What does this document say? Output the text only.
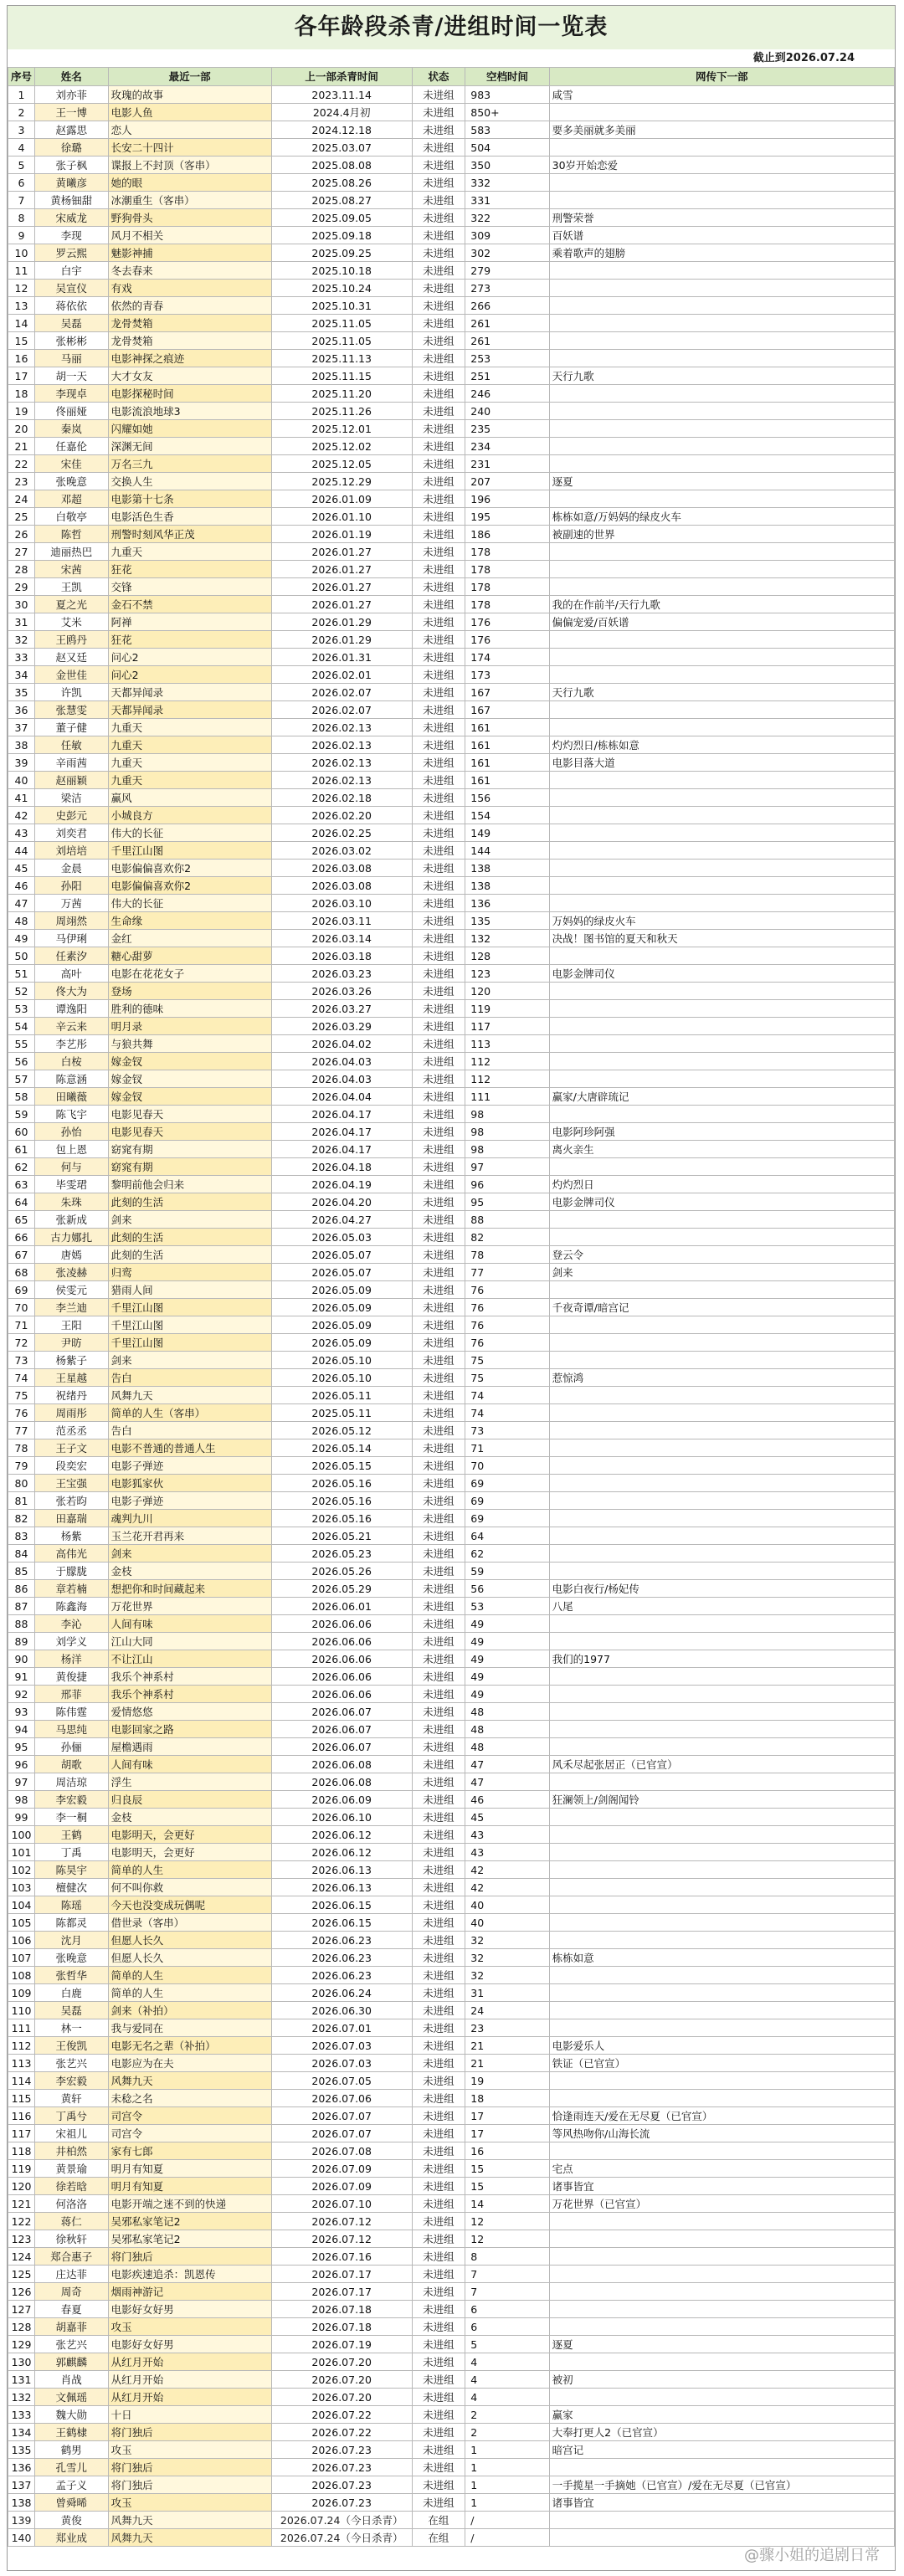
各年龄段杀青/进组时间一览表
截止到2026.07.24
序号	姓名	最近一部	上一部杀青时间	状态	空档时间	网传下一部
1	刘亦菲	玫瑰的故事	2023.11.14	未进组	983	咸雪
2	王一博	电影人鱼	2024.4月初	未进组	850+	
3	赵露思	恋人	2024.12.18	未进组	583	要多美丽就多美丽
4	徐璐	长安二十四计	2025.03.07	未进组	504	
5	张子枫	谍报上不封顶（客串）	2025.08.08	未进组	350	30岁开始恋爱
6	黄曦彦	她的眼	2025.08.26	未进组	332	
7	黄杨钿甜	冰潮重生（客串）	2025.08.27	未进组	331	
8	宋威龙	野狗骨头	2025.09.05	未进组	322	刑警荣誉
9	李现	风月不相关	2025.09.18	未进组	309	百妖谱
10	罗云熙	魅影神捕	2025.09.25	未进组	302	乘着歌声的翅膀
11	白宇	冬去春来	2025.10.18	未进组	279	
12	吴宣仪	有戏	2025.10.24	未进组	273	
13	蒋依依	依然的青春	2025.10.31	未进组	266	
14	吴磊	龙骨焚箱	2025.11.05	未进组	261	
15	张彬彬	龙骨焚箱	2025.11.05	未进组	261	
16	马丽	电影神探之痕迹	2025.11.13	未进组	253	
17	胡一天	大才女友	2025.11.15	未进组	251	天行九歌
18	李现卓	电影探秘时间	2025.11.20	未进组	246	
19	佟丽娅	电影流浪地球3	2025.11.26	未进组	240	
20	秦岚	闪耀如她	2025.12.01	未进组	235	
21	任嘉伦	深渊无间	2025.12.02	未进组	234	
22	宋佳	万名三九	2025.12.05	未进组	231	
23	张晚意	交换人生	2025.12.29	未进组	207	逐夏
24	邓超	电影第十七条	2026.01.09	未进组	196	
25	白敬亭	电影活色生香	2026.01.10	未进组	195	栋栋如意/万妈妈的绿皮火车
26	陈哲	刑警时刻风华正茂	2026.01.19	未进组	186	被副速的世界
27	迪丽热巴	九重天	2026.01.27	未进组	178	
28	宋茜	狂花	2026.01.27	未进组	178	
29	王凯	交锋	2026.01.27	未进组	178	
30	夏之光	金石不禁	2026.01.27	未进组	178	我的在作前半/天行九歌
31	艾米	阿禅	2026.01.29	未进组	176	偏偏宠爱/百妖谱
32	王鸥丹	狂花	2026.01.29	未进组	176	
33	赵又廷	问心2	2026.01.31	未进组	174	
34	金世佳	问心2	2026.02.01	未进组	173	
35	许凯	天都异闻录	2026.02.07	未进组	167	天行九歌
36	张慧雯	天都异闻录	2026.02.07	未进组	167	
37	董子健	九重天	2026.02.13	未进组	161	
38	任敏	九重天	2026.02.13	未进组	161	灼灼烈日/栋栋如意
39	辛雨茜	九重天	2026.02.13	未进组	161	电影目落大道
40	赵丽颖	九重天	2026.02.13	未进组	161	
41	梁洁	赢风	2026.02.18	未进组	156	
42	史彭元	小城良方	2026.02.20	未进组	154	
43	刘奕君	伟大的长征	2026.02.25	未进组	149	
44	刘培培	千里江山图	2026.03.02	未进组	144	
45	金晨	电影偏偏喜欢你2	2026.03.08	未进组	138	
46	孙阳	电影偏偏喜欢你2	2026.03.08	未进组	138	
47	万茜	伟大的长征	2026.03.10	未进组	136	
48	周翊然	生命缘	2026.03.11	未进组	135	万妈妈的绿皮火车
49	马伊琍	金红	2026.03.14	未进组	132	决战！图书馆的夏天和秋天
50	任素汐	糖心甜萝	2026.03.18	未进组	128	
51	高叶	电影在花花女子	2026.03.23	未进组	123	电影金牌司仪
52	佟大为	登场	2026.03.26	未进组	120	
53	谭逸阳	胜利的德味	2026.03.27	未进组	119	
54	辛云来	明月录	2026.03.29	未进组	117	
55	李艺彤	与狼共舞	2026.04.02	未进组	113	
56	白桉	嫁金钗	2026.04.03	未进组	112	
57	陈意涵	嫁金钗	2026.04.03	未进组	112	
58	田曦薇	嫁金钗	2026.04.04	未进组	111	赢家/大唐辟琉记
59	陈飞宇	电影见春天	2026.04.17	未进组	98	
60	孙怡	电影见春天	2026.04.17	未进组	98	电影阿珍阿强
61	包上恩	窈窕有期	2026.04.17	未进组	98	离火亲生
62	何与	窈窕有期	2026.04.18	未进组	97	
63	毕雯珺	黎明前他会归来	2026.04.19	未进组	96	灼灼烈日
64	朱珠	此刻的生活	2026.04.20	未进组	95	电影金牌司仪
65	张新成	剑来	2026.04.27	未进组	88	
66	古力娜扎	此刻的生活	2026.05.03	未进组	82	
67	唐嫣	此刻的生活	2026.05.07	未进组	78	登云令
68	张凌赫	归鸾	2026.05.07	未进组	77	剑来
69	侯雯元	猎雨人间	2026.05.09	未进组	76	
70	李兰迪	千里江山图	2026.05.09	未进组	76	千夜奇谭/暗宫记
71	王阳	千里江山图	2026.05.09	未进组	76	
72	尹昉	千里江山图	2026.05.09	未进组	76	
73	杨紫子	剑来	2026.05.10	未进组	75	
74	王星越	告白	2026.05.10	未进组	75	惹惊鸿
75	祝绪丹	风舞九天	2026.05.11	未进组	74	
76	周雨彤	简单的人生（客串）	2025.05.11	未进组	74	
77	范丞丞	告白	2026.05.12	未进组	73	
78	王子文	电影不普通的普通人生	2026.05.14	未进组	71	
79	段奕宏	电影子弹迹	2026.05.15	未进组	70	
80	王宝强	电影狐家伙	2026.05.16	未进组	69	
81	张若昀	电影子弹迹	2026.05.16	未进组	69	
82	田嘉瑞	魂判九川	2026.05.16	未进组	69	
83	杨紫	玉兰花开君再来	2026.05.21	未进组	64	
84	高伟光	剑来	2026.05.23	未进组	62	
85	于朦胧	金枝	2026.05.26	未进组	59	
86	章若楠	想把你和时间藏起来	2026.05.29	未进组	56	电影白夜行/杨妃传
87	陈鑫海	万花世界	2026.06.01	未进组	53	八尾
88	李沁	人间有味	2026.06.06	未进组	49	
89	刘学义	江山大同	2026.06.06	未进组	49	
90	杨洋	不让江山	2026.06.06	未进组	49	我们的1977
91	黄俊捷	我乐个神系村	2026.06.06	未进组	49	
92	邢菲	我乐个神系村	2026.06.06	未进组	49	
93	陈伟霆	爱情悠悠	2026.06.07	未进组	48	
94	马思纯	电影回家之路	2026.06.07	未进组	48	
95	孙俪	屋檐遇雨	2026.06.07	未进组	48	
96	胡歌	人间有味	2026.06.08	未进组	47	风禾尽起张居正（已官宣）
97	周洁琼	浮生	2026.06.08	未进组	47	
98	李宏毅	归良辰	2026.06.09	未进组	46	狂澜领上/剑阁闻铃
99	李一桐	金枝	2026.06.10	未进组	45	
100	王鹤	电影明天，会更好	2026.06.12	未进组	43	
101	丁禹	电影明天，会更好	2026.06.12	未进组	43	
102	陈昊宇	简单的人生	2026.06.13	未进组	42	
103	檀健次	何不叫你救	2026.06.13	未进组	42	
104	陈瑶	今天也没变成玩偶呢	2026.06.15	未进组	40	
105	陈都灵	借世录（客串）	2026.06.15	未进组	40	
106	沈月	但愿人长久	2026.06.23	未进组	32	
107	张晚意	但愿人长久	2026.06.23	未进组	32	栋栋如意
108	张哲华	简单的人生	2026.06.23	未进组	32	
109	白鹿	简单的人生	2026.06.24	未进组	31	
110	吴磊	剑来（补拍）	2026.06.30	未进组	24	
111	林一	我与爱同在	2026.07.01	未进组	23	
112	王俊凯	电影无名之辈（补拍）	2026.07.03	未进组	21	电影爱乐人
113	张艺兴	电影应为在夫	2026.07.03	未进组	21	铁证（已官宣）
114	李宏毅	风舞九天	2026.07.05	未进组	19	
115	黄轩	未稔之名	2026.07.06	未进组	18	
116	丁禹兮	司宫令	2026.07.07	未进组	17	恰逢雨连天/爱在无尽夏（已官宣）
117	宋祖儿	司宫令	2026.07.07	未进组	17	等风热吻你/山海长流
118	井柏然	家有七郎	2026.07.08	未进组	16	
119	黄景瑜	明月有知夏	2026.07.09	未进组	15	宅点
120	徐若晗	明月有知夏	2026.07.09	未进组	15	诸事皆宜
121	何洛洛	电影开端之迷不到的快递	2026.07.10	未进组	14	万花世界（已官宣）
122	蒋仁	吴邪私家笔记2	2026.07.12	未进组	12	
123	徐秋轩	吴邪私家笔记2	2026.07.12	未进组	12	
124	郑合惠子	将门独后	2026.07.16	未进组	8	
125	庄达菲	电影疾速追杀：凯恩传	2026.07.17	未进组	7	
126	周奇	烟雨神游记	2026.07.17	未进组	7	
127	春夏	电影好女好男	2026.07.18	未进组	6	
128	胡嘉菲	攻玉	2026.07.18	未进组	6	
129	张艺兴	电影好女好男	2026.07.19	未进组	5	逐夏
130	郭麒麟	从红月开始	2026.07.20	未进组	4	
131	肖战	从红月开始	2026.07.20	未进组	4	被初
132	文佩瑶	从红月开始	2026.07.20	未进组	4	
133	魏大勋	十日	2026.07.22	未进组	2	赢家
134	王鹤棣	将门独后	2026.07.22	未进组	2	大奉打更人2（已官宣）
135	鹤男	攻玉	2026.07.23	未进组	1	暗宫记
136	孔雪儿	将门独后	2026.07.23	未进组	1	
137	孟子义	将门独后	2026.07.23	未进组	1	一手揽星一手摘她（已官宣）/爱在无尽夏（已官宣）
138	曾舜晞	攻玉	2026.07.23	未进组	1	诸事皆宜
139	黄俊	风舞九天	2026.07.24（今日杀青）	在组	/	
140	郑业成	风舞九天	2026.07.24（今日杀青）	在组	/	
@骤小姐的追剧日常
